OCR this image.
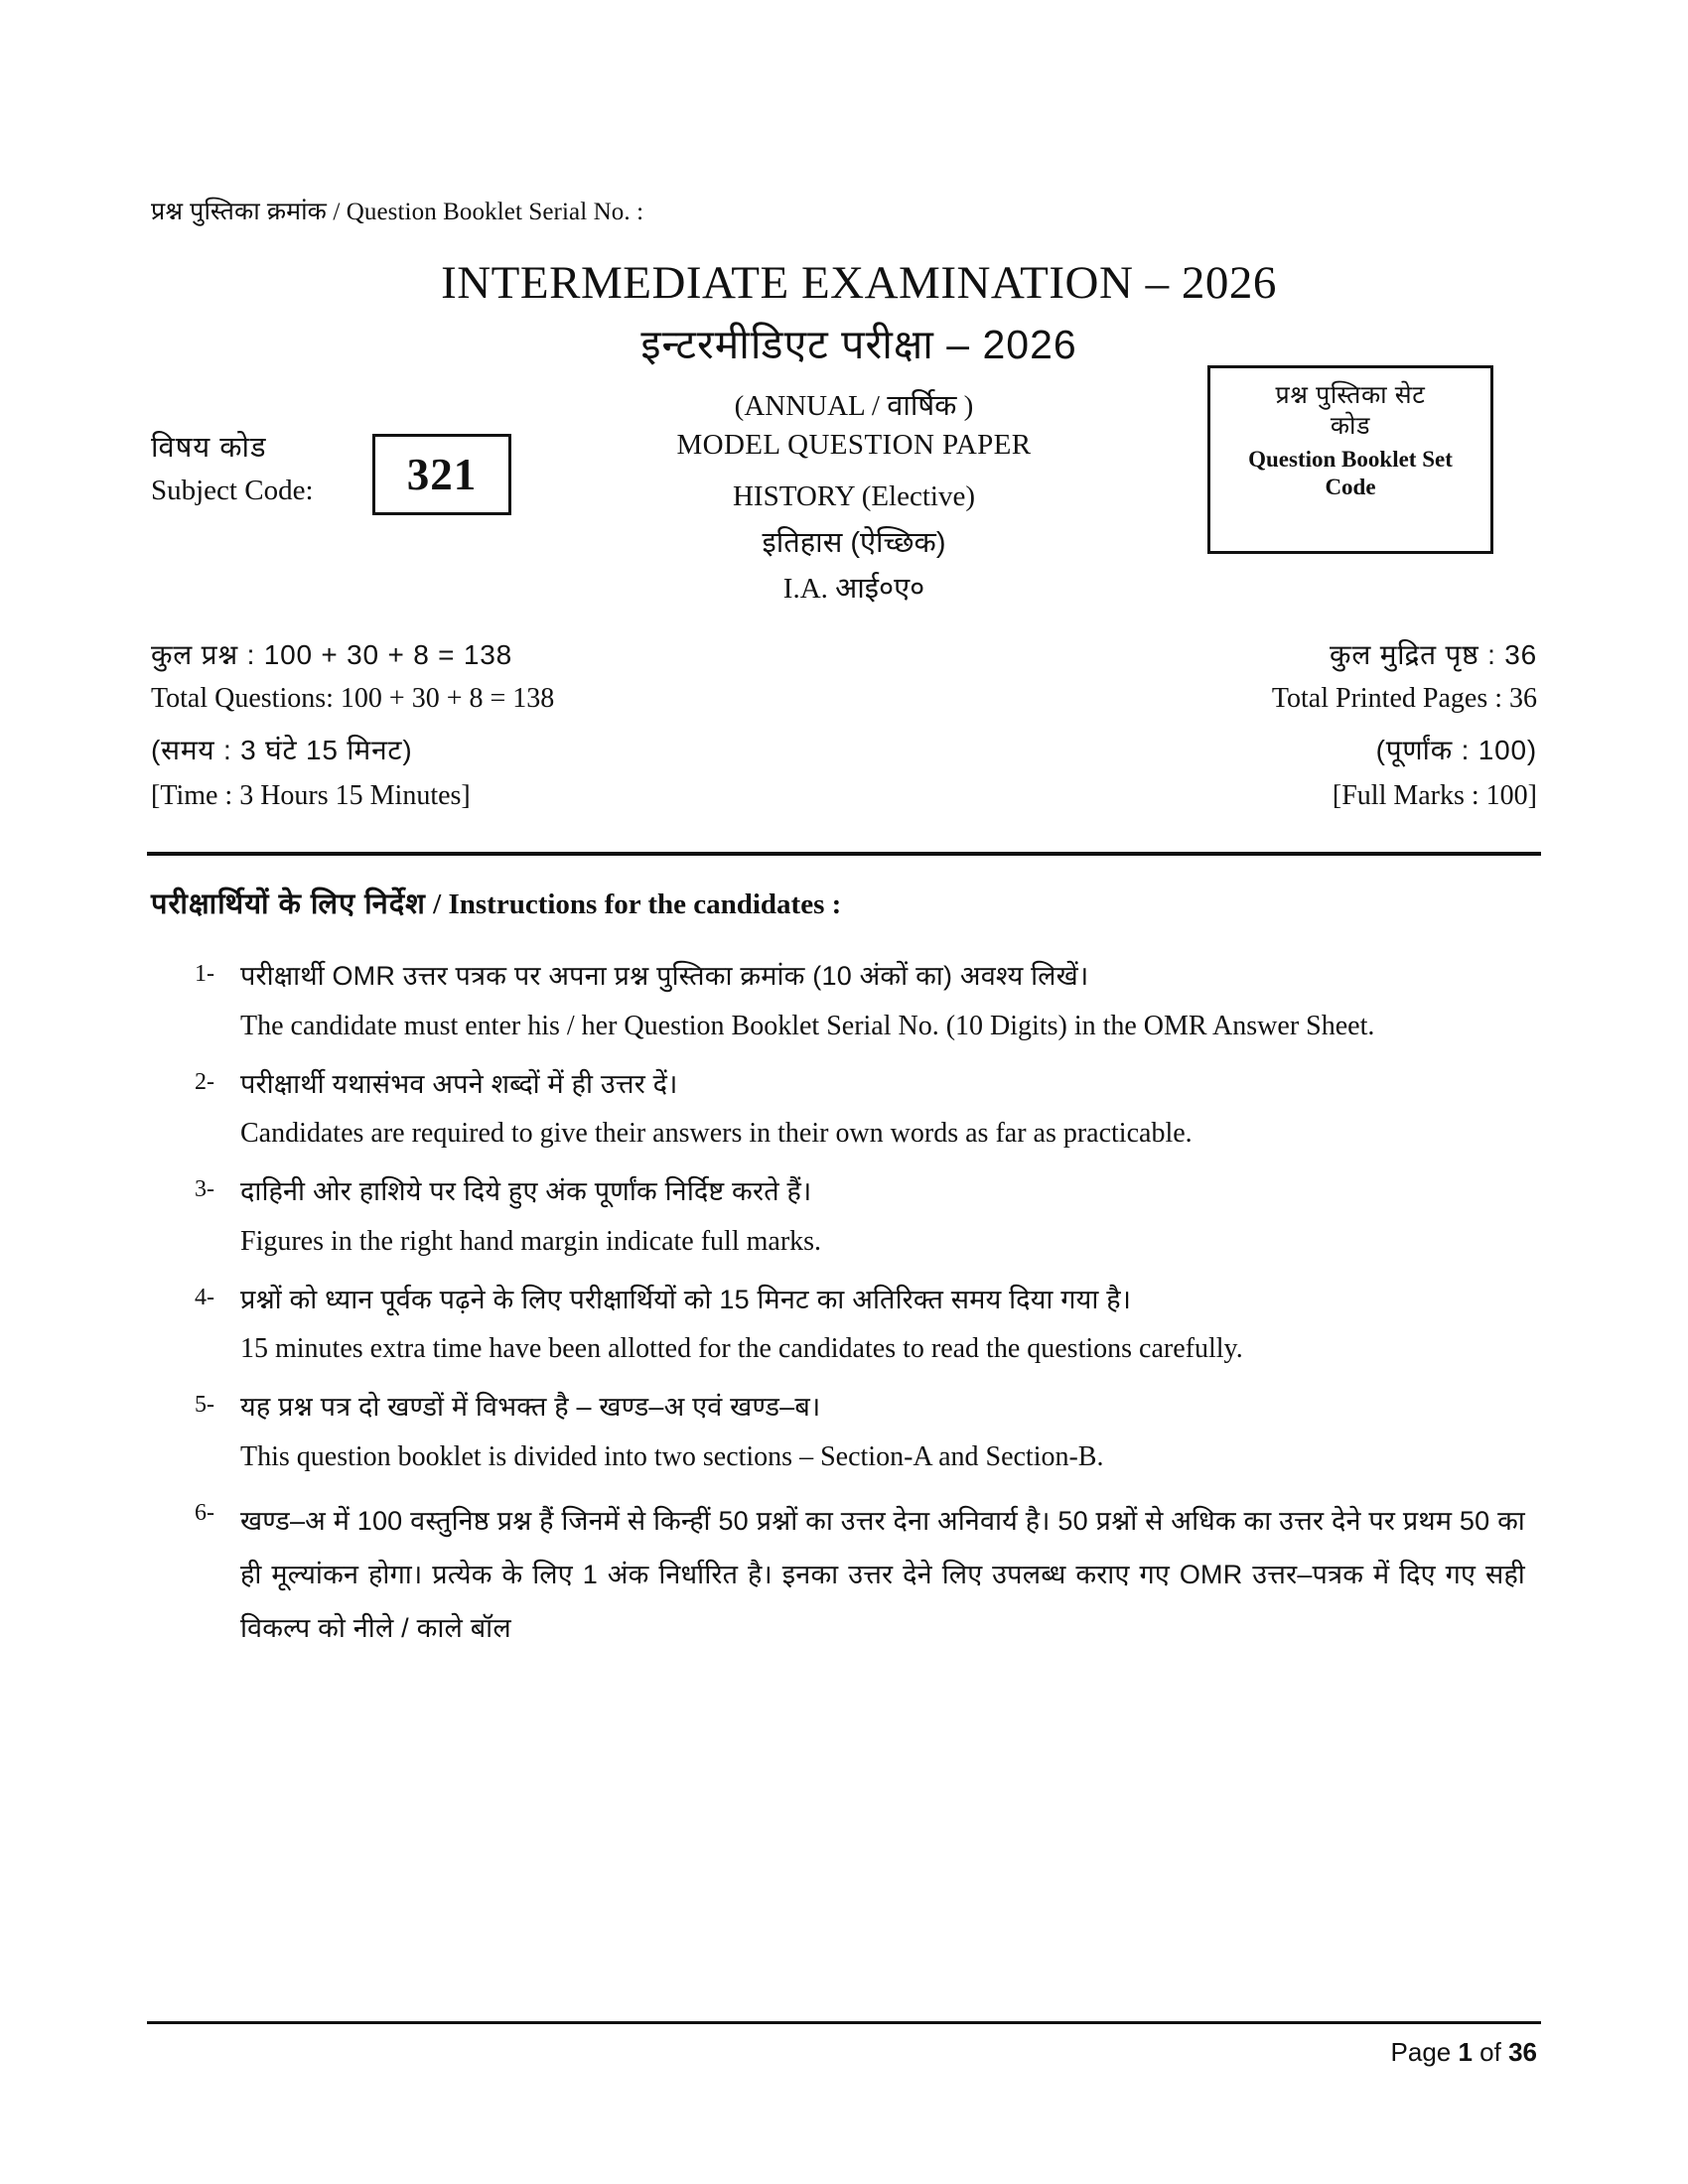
प्रश्न पुस्तिका क्रमांक / Question Booklet Serial No. :
INTERMEDIATE EXAMINATION – 2026
इन्टरमीडिएट परीक्षा – 2026
(ANNUAL / वार्षिक )
MODEL QUESTION PAPER
HISTORY (Elective)
इतिहास (ऐच्छिक)
I.A. आई०ए०
विषय कोड
Subject Code: 321
प्रश्न पुस्तिका सेट
कोड
Question Booklet Set
Code
कुल प्रश्न : 100 + 30 + 8 = 138
Total Questions: 100 + 30 + 8 = 138
(समय : 3 घंटे 15 मिनट)
[Time : 3 Hours 15 Minutes]
कुल मुद्रित पृष्ठ : 36
Total Printed Pages : 36
(पूर्णांक : 100)
[Full Marks : 100]
परीक्षार्थियों के लिए निर्देश / Instructions for the candidates :
1- परीक्षार्थी OMR उत्तर पत्रक पर अपना प्रश्न पुस्तिका क्रमांक (10 अंकों का) अवश्य लिखें।

The candidate must enter his / her Question Booklet Serial No. (10 Digits) in the OMR Answer Sheet.

2- परीक्षार्थी यथासंभव अपने शब्दों में ही उत्तर दें।

Candidates are required to give their answers in their own words as far as practicable.

3- दाहिनी ओर हाशिये पर दिये हुए अंक पूर्णांक निर्दिष्ट करते हैं।

Figures in the right hand margin indicate full marks.

4- प्रश्नों को ध्यान पूर्वक पढ़ने के लिए परीक्षार्थियों को 15 मिनट का अतिरिक्त समय दिया गया है।

15 minutes extra time have been allotted for the candidates to read the questions carefully.

5- यह प्रश्न पत्र दो खण्डों में विभक्त है – खण्ड–अ एवं खण्ड–ब।

This question booklet is divided into two sections – Section-A and Section-B.

6- खण्ड–अ में 100 वस्तुनिष्ठ प्रश्न हैं जिनमें से किन्हीं 50 प्रश्नों का उत्तर देना अनिवार्य है। 50 प्रश्नों से अधिक का उत्तर देने पर प्रथम 50 का ही मूल्यांकन होगा। प्रत्येक के लिए 1 अंक निर्धारित है। इनका उत्तर देने लिए उपलब्ध कराए गए OMR उत्तर–पत्रक में दिए गए सही विकल्प को नीले / काले बॉल

Page 1 of 36
